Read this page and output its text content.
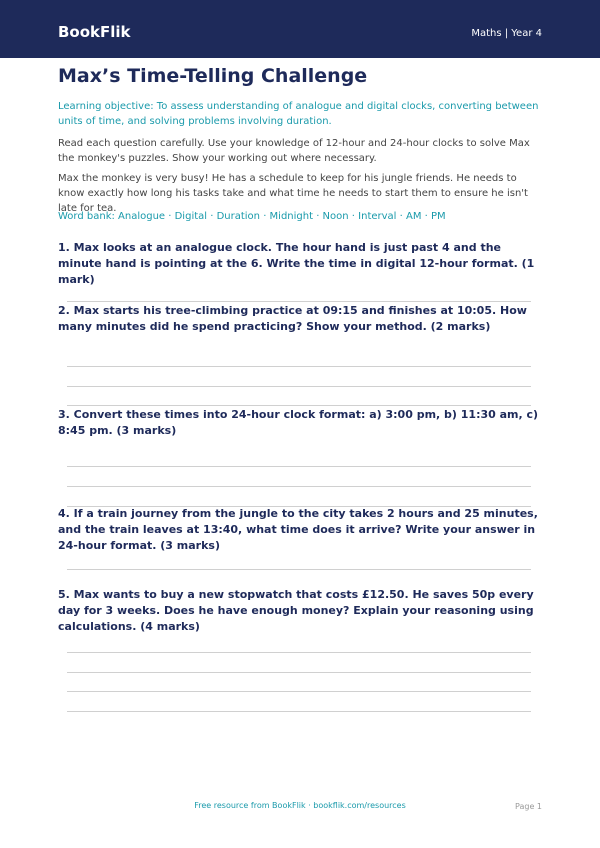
BookFlik	Maths | Year 4
Max’s Time-Telling Challenge

Learning objective: To assess understanding of analogue and digital clocks, converting between units of time, and solving problems involving duration.

Read each question carefully. Use your knowledge of 12-hour and 24-hour clocks to solve Max the monkey's puzzles. Show your working out where necessary.

Max the monkey is very busy! He has a schedule to keep for his jungle friends. He needs to know exactly how long his tasks take and what time he needs to start them to ensure he isn't late for tea.

Word bank: Analogue · Digital · Duration · Midnight · Noon · Interval · AM · PM

1. Max looks at an analogue clock. The hour hand is just past 4 and the minute hand is pointing at the 6. Write the time in digital 12-hour format. (1 mark)

2. Max starts his tree-climbing practice at 09:15 and finishes at 10:05. How many minutes did he spend practicing? Show your method. (2 marks)

3. Convert these times into 24-hour clock format: a) 3:00 pm, b) 11:30 am, c) 8:45 pm. (3 marks)

4. If a train journey from the jungle to the city takes 2 hours and 25 minutes, and the train leaves at 13:40, what time does it arrive? Write your answer in 24-hour format. (3 marks)

5. Max wants to buy a new stopwatch that costs £12.50. He saves 50p every day for 3 weeks. Does he have enough money? Explain your reasoning using calculations. (4 marks)

Free resource from BookFlik · bookflik.com/resources	Page 1
